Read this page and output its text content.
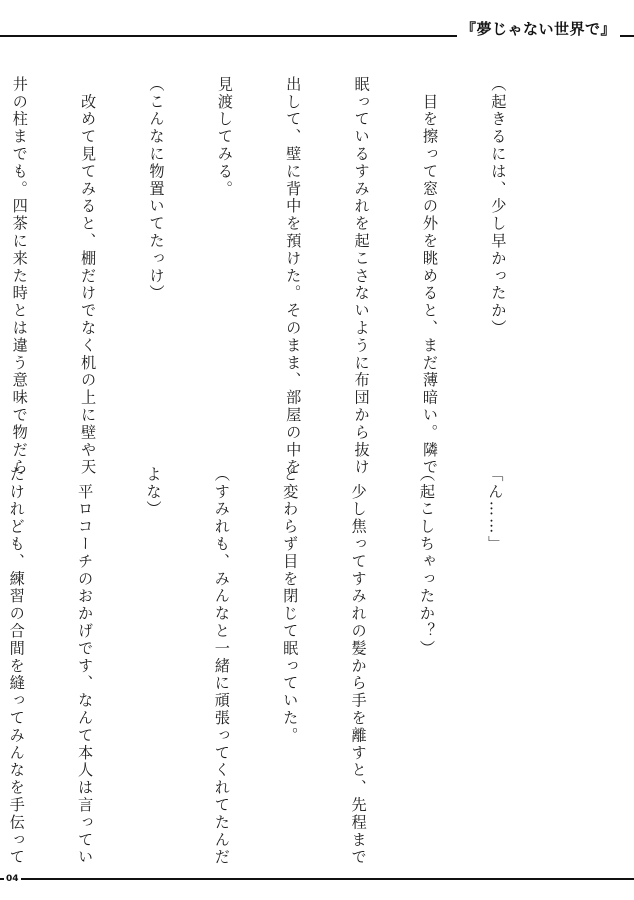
『夢じゃない世界で』

（起きるには、少し早かったか）

　目を擦って窓の外を眺めると、まだ薄暗い。隣で

眠っているすみれを起こさないように布団から抜け

出して、壁に背中を預けた。そのまま、部屋の中を

見渡してみる。

（こんなに物置いてたっけ）

　改めて見てみると、棚だけでなく机の上に壁や天

井の柱までも。四茶に来た時とは違う意味で物だら

「ん……」

（起こしちゃったか？）

　少し焦ってすみれの髪から手を離すと、先程まで

と変わらず目を閉じて眠っていた。

（すみれも、みんなと一緒に頑張ってくれてたんだ

よな）

　平ロコーチのおかげです、なんて本人は言ってい

たけれども、練習の合間を縫ってみんなを手伝って

04
